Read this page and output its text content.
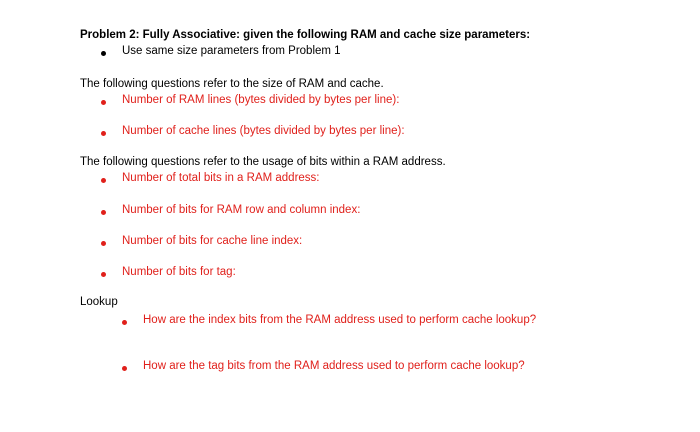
Problem 2: Fully Associative: given the following RAM and cache size parameters:
Use same size parameters from Problem 1
The following questions refer to the size of RAM and cache.
Number of RAM lines (bytes divided by bytes per line):
Number of cache lines (bytes divided by bytes per line):
The following questions refer to the usage of bits within a RAM address.
Number of total bits in a RAM address:
Number of bits for RAM row and column index:
Number of bits for cache line index:
Number of bits for tag:
Lookup
How are the index bits from the RAM address used to perform cache lookup?
How are the tag bits from the RAM address used to perform cache lookup?
